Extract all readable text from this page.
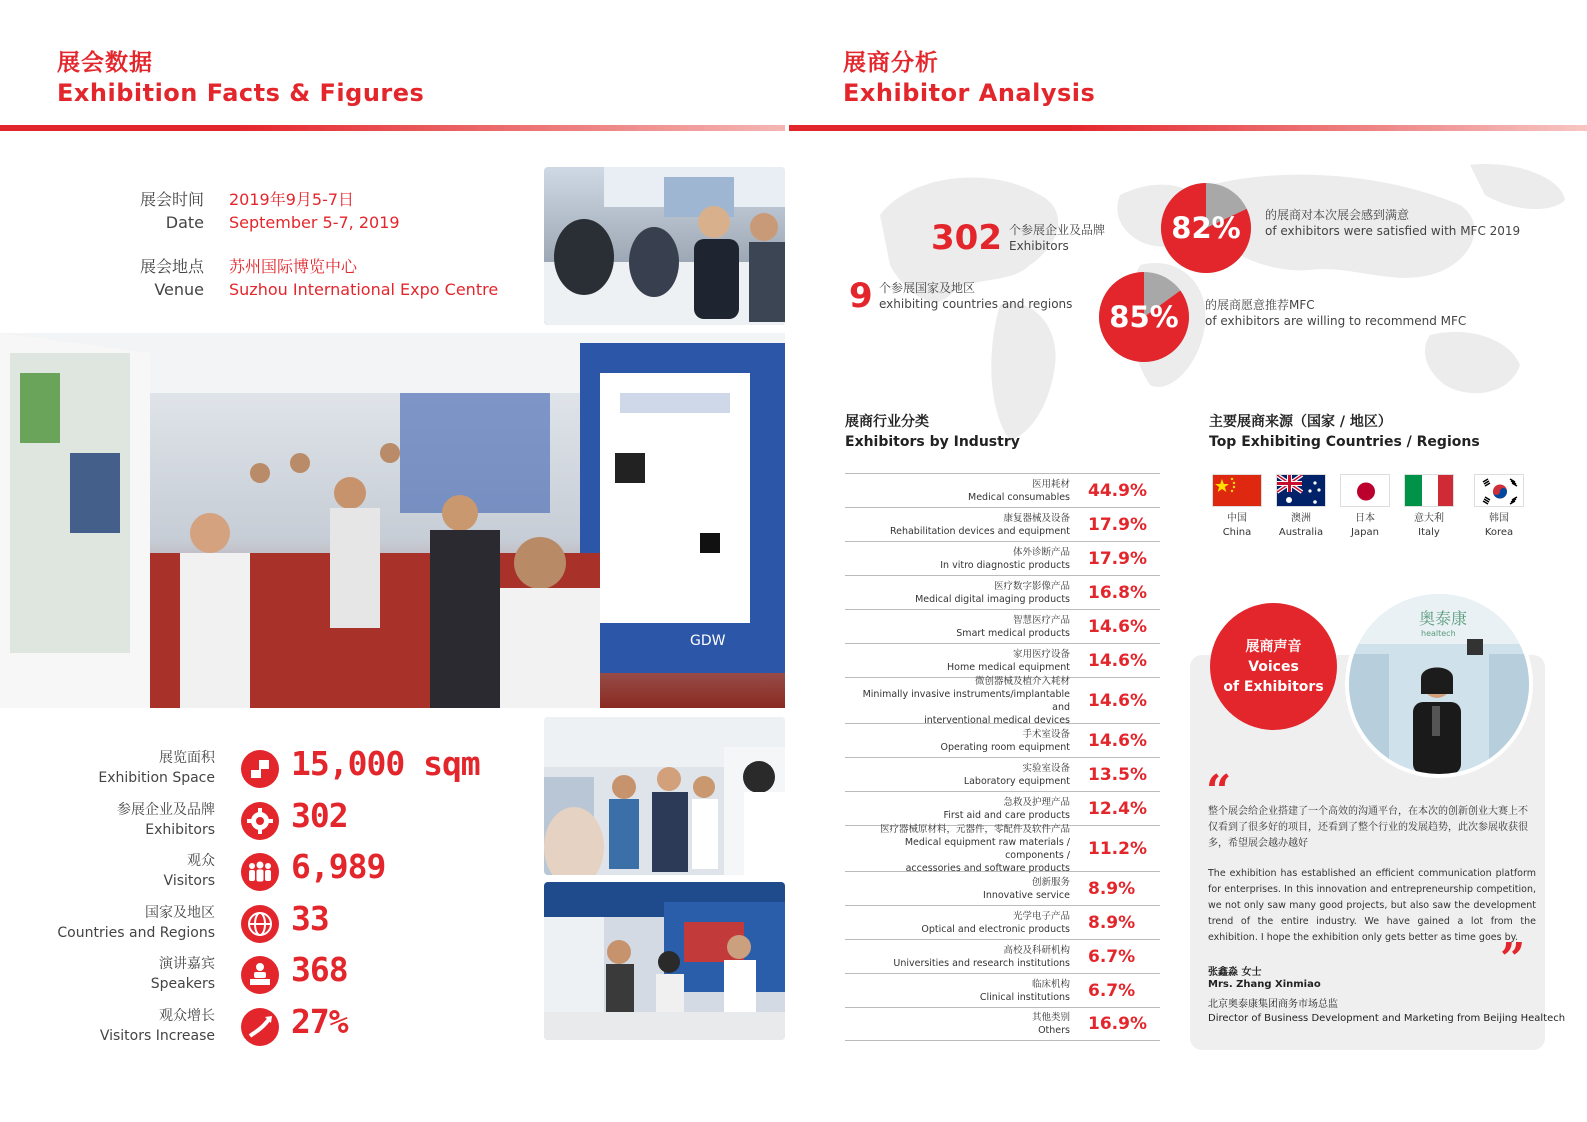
展会数据
Exhibition Facts & Figures
展商分析
Exhibitor Analysis
展会时间
Date
2019年9月5-7日
September 5-7, 2019
展会地点
Venue
苏州国际博览中心
Suzhou International Expo Centre
GDW
展览面积
Exhibition Space 15,000 sqm
参展企业及品牌
Exhibitors 302
观众
Visitors 6,989
国家及地区
Countries and Regions 33
演讲嘉宾
Speakers 368
观众增长
Visitors Increase 27%
302 个参展企业及品牌
Exhibitors
9 个参展国家及地区
exhibiting countries and regions
82% 的展商对本次展会感到满意
of exhibitors were satisfied with MFC 2019
85% 的展商愿意推荐MFC
of exhibitors are willing to recommend MFC
展商行业分类
Exhibitors by Industry
医用耗材
Medical consumables 44.9%
康复器械及设备
Rehabilitation devices and equipment 17.9%
体外诊断产品
In vitro diagnostic products 17.9%
医疗数字影像产品
Medical digital imaging products 16.8%
智慧医疗产品
Smart medical products 14.6%
家用医疗设备
Home medical equipment 14.6%
微创器械及植介入耗材
Minimally invasive instruments/implantable and
interventional medical devices
14.6%
手术室设备
Operating room equipment 14.6%
实验室设备
Laboratory equipment 13.5%
急救及护理产品
First aid and care products 12.4%
医疗器械原材料，元器件，零配件及软件产品
Medical equipment raw materials / components /
accessories and software products
11.2%
创新服务
Innovative service 8.9%
光学电子产品
Optical and electronic products 8.9%
高校及科研机构
Universities and research institutions 6.7%
临床机构
Clinical institutions 6.7%
其他类别
Others 16.9%
主要展商来源（国家 / 地区）
Top Exhibiting Countries / Regions
中国
China
澳洲
Australia
日本
Japan
意大利
Italy
韩国
Korea
奥泰康
healtech
展商声音
Voices
of Exhibitors
“
整个展会给企业搭建了一个高效的沟通平台，在本次的创新创业大赛上不仅看到了很多好的项目，还看到了整个行业的发展趋势，此次参展收获很多，希望展会越办越好
The exhibition has established an efficient communication platform for enterprises. In this innovation and entrepreneurship competition, we not only saw many good projects, but also saw the development trend of the entire industry. We have gained a lot from the exhibition. I hope the exhibition only gets better as time goes by.
”
张鑫淼 女士
Mrs. Zhang Xinmiao
北京奥泰康集团商务市场总监
Director of Business Development and Marketing from Beijing Healtech
